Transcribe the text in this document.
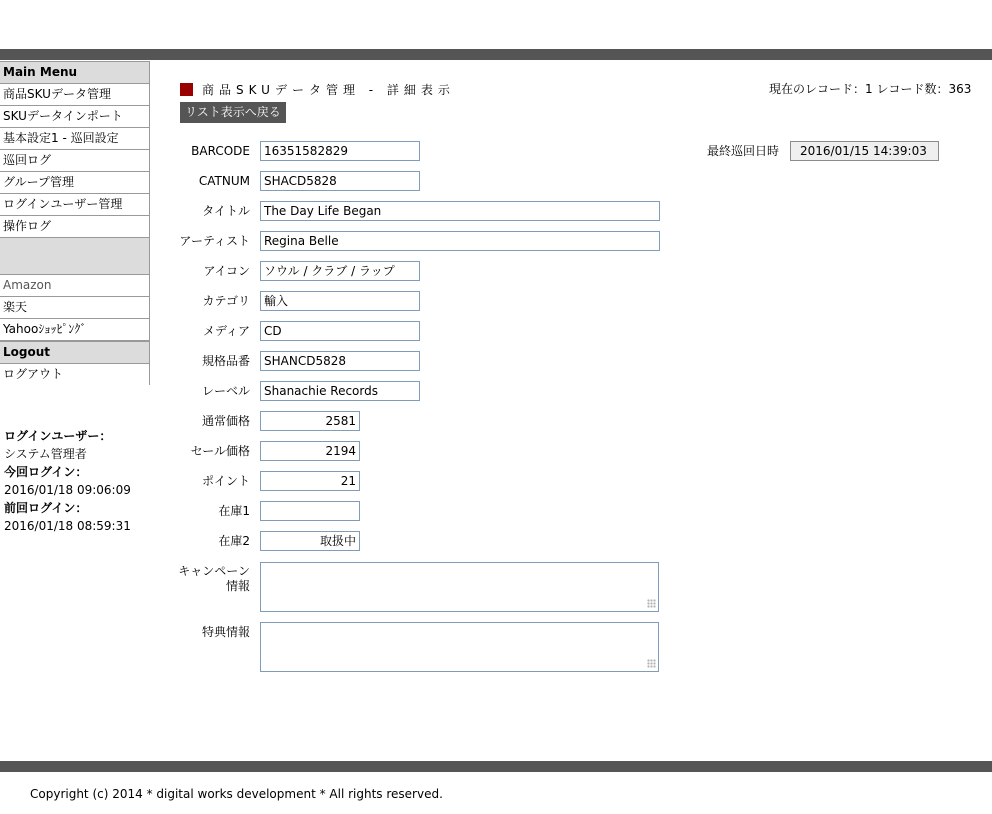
Main Menu
商品SKUデータ管理
SKUデータインポート
基本設定1 - 巡回設定
巡回ログ
グループ管理
ログインユーザー管理
操作ログ
Amazon
楽天
Yahooｼｮｯﾋﾟﾝｸﾞ
Logout
ログアウト
ログインユーザー：
システム管理者
今回ログイン：
2016/01/18 09:06:09
前回ログイン：
2016/01/18 08:59:31
商品SKUデータ管理 - 詳細表示
リスト表示へ戻る
現在のレコード：1 レコード数：363
最終巡回日時	2016/01/15 14:39:03
BARCODE	16351582829
CATNUM	SHACD5828
タイトル	The Day Life Began
アーティスト	Regina Belle
アイコン	ソウル / クラブ / ラップ
カテゴリ	輸入
メディア	CD
規格品番	SHANCD5828
レーベル	Shanachie Records
通常価格	2581
セール価格	2194
ポイント	21
在庫1
在庫2	取扱中
キャンペーン
情報
特典情報
Copyright (c) 2014 * digital works development * All rights reserved.
